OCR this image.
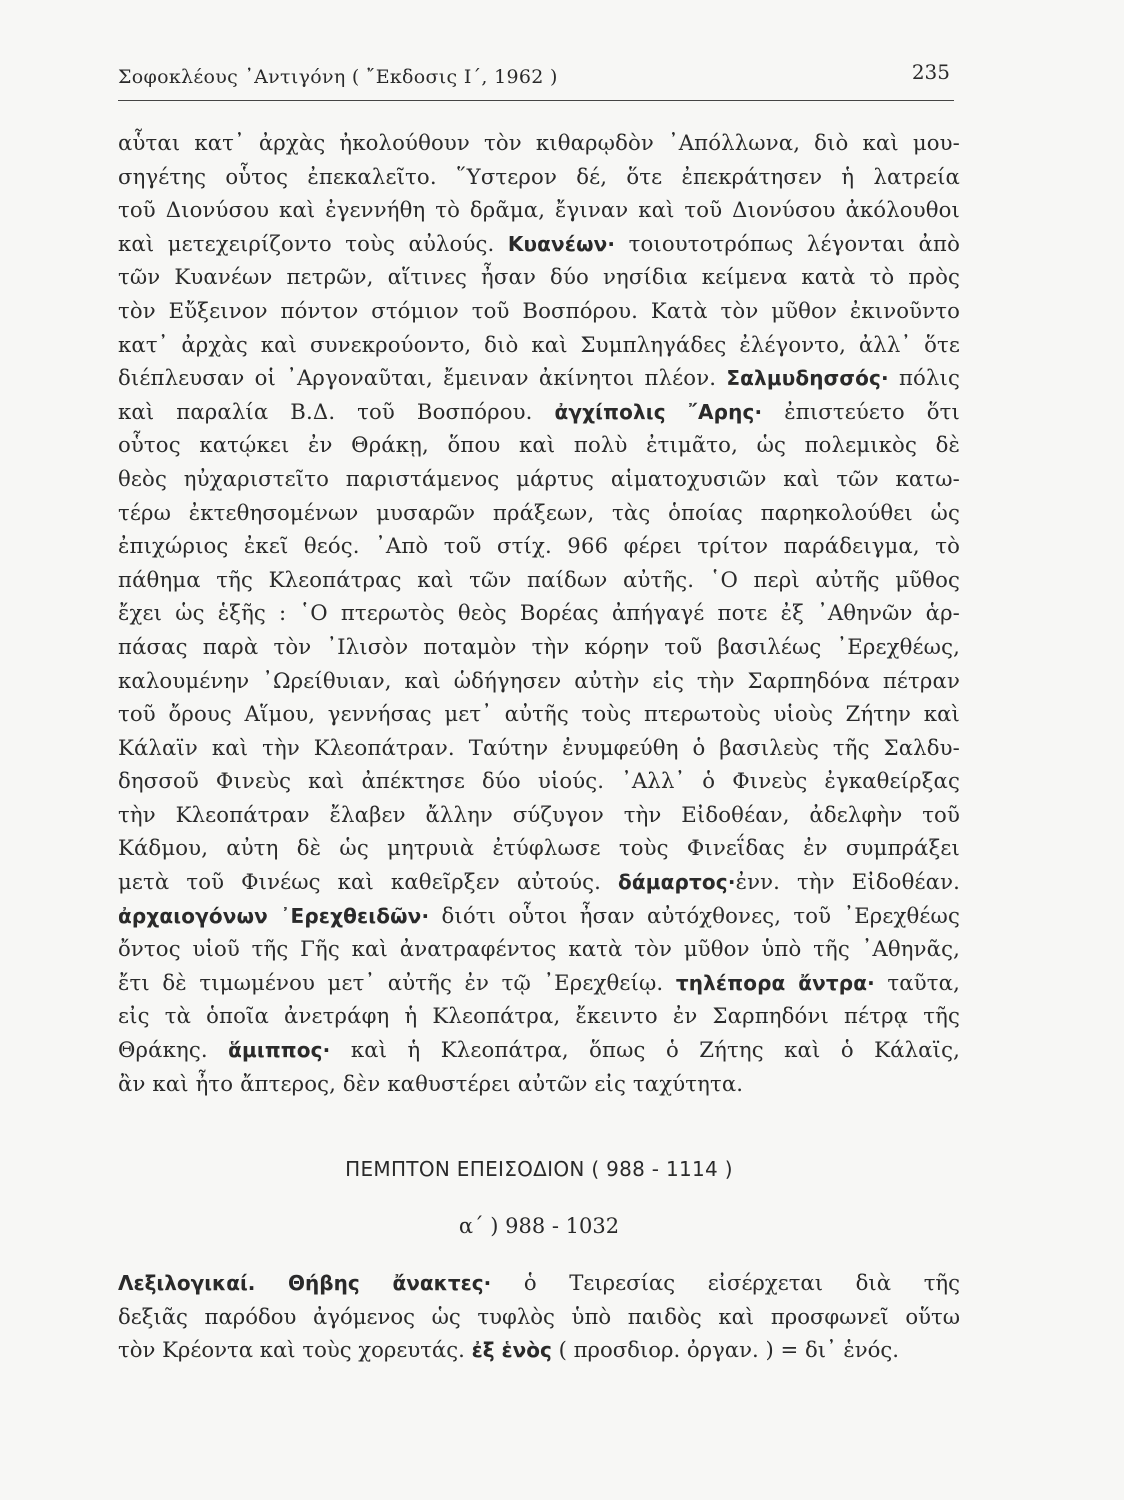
Σοφοκλέους ᾿Αντιγόνη ( ῎Εκδοσις Ι΄, 1962 )	235
αὗται κατ᾿ ἀρχὰς ἠκολούθουν τὸν κιθαρῳδὸν ᾿Απόλλωνα, διὸ καὶ μου-
σηγέτης οὗτος ἐπεκαλεῖτο. ῞Υστερον δέ, ὅτε ἐπεκράτησεν ἡ λατρεία
τοῦ Διονύσου καὶ ἐγεννήθη τὸ δρᾶμα, ἔγιναν καὶ τοῦ Διονύσου ἀκόλουθοι
καὶ μετεχειρίζοντο τοὺς αὐλούς. Κυανέων· τοιουτοτρόπως λέγονται ἀπὸ
τῶν Κυανέων πετρῶν, αἵτινες ἦσαν δύο νησίδια κείμενα κατὰ τὸ πρὸς
τὸν Εὔξεινον πόντον στόμιον τοῦ Βοσπόρου. Κατὰ τὸν μῦθον ἐκινοῦντο
κατ᾿ ἀρχὰς καὶ συνεκρούοντο, διὸ καὶ Συμπληγάδες ἐλέγοντο, ἀλλ᾿ ὅτε
διέπλευσαν οἱ ᾿Αργοναῦται, ἔμειναν ἀκίνητοι πλέον. Σαλμυδησσός· πόλις
καὶ παραλία Β.Δ. τοῦ Βοσπόρου. ἀγχίπολις ῎Αρης· ἐπιστεύετο ὅτι
οὗτος κατῴκει ἐν Θράκῃ, ὅπου καὶ πολὺ ἐτιμᾶτο, ὡς πολεμικὸς δὲ
θεὸς ηὐχαριστεῖτο παριστάμενος μάρτυς αἱματοχυσιῶν καὶ τῶν κατω-
τέρω ἐκτεθησομένων μυσαρῶν πράξεων, τὰς ὁποίας παρηκολούθει ὡς
ἐπιχώριος ἐκεῖ θεός. ᾿Απὸ τοῦ στίχ. 966 φέρει τρίτον παράδειγμα, τὸ
πάθημα τῆς Κλεοπάτρας καὶ τῶν παίδων αὐτῆς. ῾Ο περὶ αὐτῆς μῦθος
ἔχει ὡς ἑξῆς : ῾Ο πτερωτὸς θεὸς Βορέας ἀπήγαγέ ποτε ἐξ ᾿Αθηνῶν ἁρ-
πάσας παρὰ τὸν ᾿Ιλισὸν ποταμὸν τὴν κόρην τοῦ βασιλέως ᾿Ερεχθέως,
καλουμένην ᾿Ωρείθυιαν, καὶ ὡδήγησεν αὐτὴν εἰς τὴν Σαρπηδόνα πέτραν
τοῦ ὄρους Αἵμου, γεννήσας μετ᾿ αὐτῆς τοὺς πτερωτοὺς υἱοὺς Ζήτην καὶ
Κάλαϊν καὶ τὴν Κλεοπάτραν. Ταύτην ἐνυμφεύθη ὁ βασιλεὺς τῆς Σαλδυ-
δησσοῦ Φινεὺς καὶ ἀπέκτησε δύο υἱούς. ᾿Αλλ᾿ ὁ Φινεὺς ἐγκαθείρξας
τὴν Κλεοπάτραν ἔλαβεν ἄλλην σύζυγον τὴν Εἰδοθέαν, ἀδελφὴν τοῦ
Κάδμου, αὐτη δὲ ὡς μητρυιὰ ἐτύφλωσε τοὺς Φινεΐδας ἐν συμπράξει
μετὰ τοῦ Φινέως καὶ καθεῖρξεν αὐτούς. δάμαρτος·ἐνν. τὴν Εἰδοθέαν.
ἀρχαιογόνων ᾿Ερεχθειδῶν· διότι οὗτοι ἦσαν αὐτόχθονες, τοῦ ᾿Ερεχθέως
ὄντος υἱοῦ τῆς Γῆς καὶ ἀνατραφέντος κατὰ τὸν μῦθον ὑπὸ τῆς ᾿Αθηνᾶς,
ἔτι δὲ τιμωμένου μετ᾿ αὐτῆς ἐν τῷ ᾿Ερεχθείῳ. τηλέπορα ἄντρα· ταῦτα,
εἰς τὰ ὁποῖα ἀνετράφη ἡ Κλεοπάτρα, ἔκειντο ἐν Σαρπηδόνι πέτρᾳ τῆς
Θράκης. ἅμιππος· καὶ ἡ Κλεοπάτρα, ὅπως ὁ Ζήτης καὶ ὁ Κάλαϊς,
ἂν καὶ ἦτο ἄπτερος, δὲν καθυστέρει αὐτῶν εἰς ταχύτητα.
ΠΕΜΠΤΟΝ ΕΠΕΙΣΟΔΙΟΝ ( 988 - 1114 )
α΄ ) 988 - 1032
Λεξιλογικαί. Θήβης ἄνακτες· ὁ Τειρεσίας εἰσέρχεται διὰ τῆς
δεξιᾶς παρόδου ἀγόμενος ὡς τυφλὸς ὑπὸ παιδὸς καὶ προσφωνεῖ οὕτω
τὸν Κρέοντα καὶ τοὺς χορευτάς. ἐξ ἑνὸς ( προσδιορ. ὀργαν. ) = δι᾿ ἑνός.
